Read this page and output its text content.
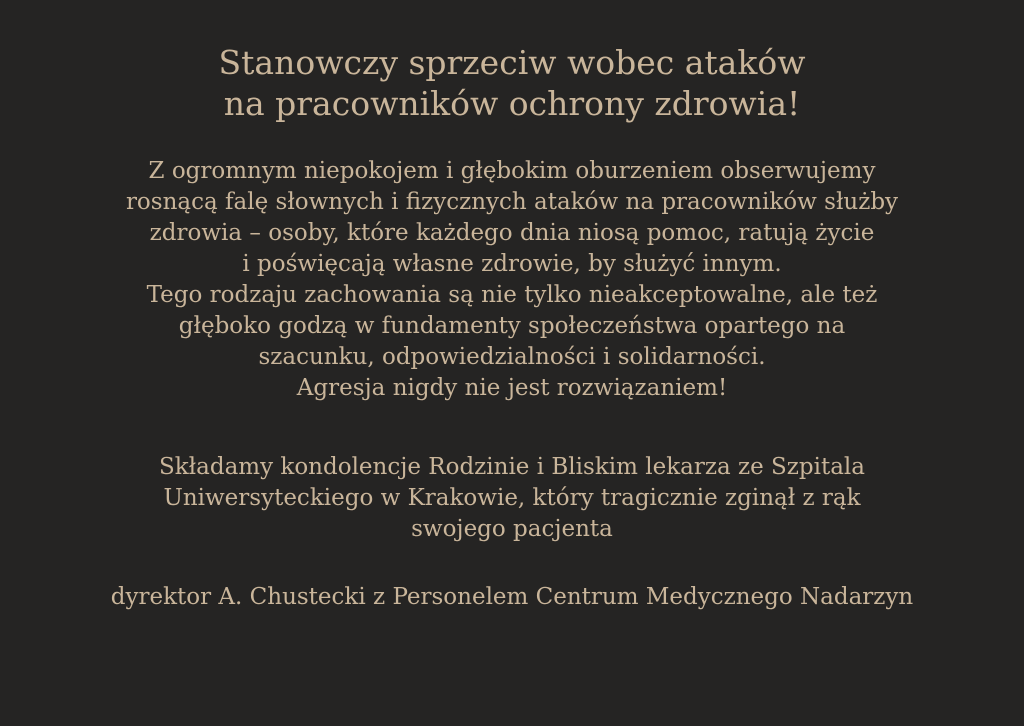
Stanowczy sprzeciw wobec ataków
na pracowników ochrony zdrowia!

Z ogromnym niepokojem i głębokim oburzeniem obserwujemy
rosnącą falę słownych i fizycznych ataków na pracowników służby
zdrowia – osoby, które każdego dnia niosą pomoc, ratują życie
i poświęcają własne zdrowie, by służyć innym.
Tego rodzaju zachowania są nie tylko nieakceptowalne, ale też
głęboko godzą w fundamenty społeczeństwa opartego na
szacunku, odpowiedzialności i solidarności.
Agresja nigdy nie jest rozwiązaniem!

Składamy kondolencje Rodzinie i Bliskim lekarza ze Szpitala
Uniwersyteckiego w Krakowie, który tragicznie zginął z rąk
swojego pacjenta

dyrektor A. Chustecki z Personelem Centrum Medycznego Nadarzyn
